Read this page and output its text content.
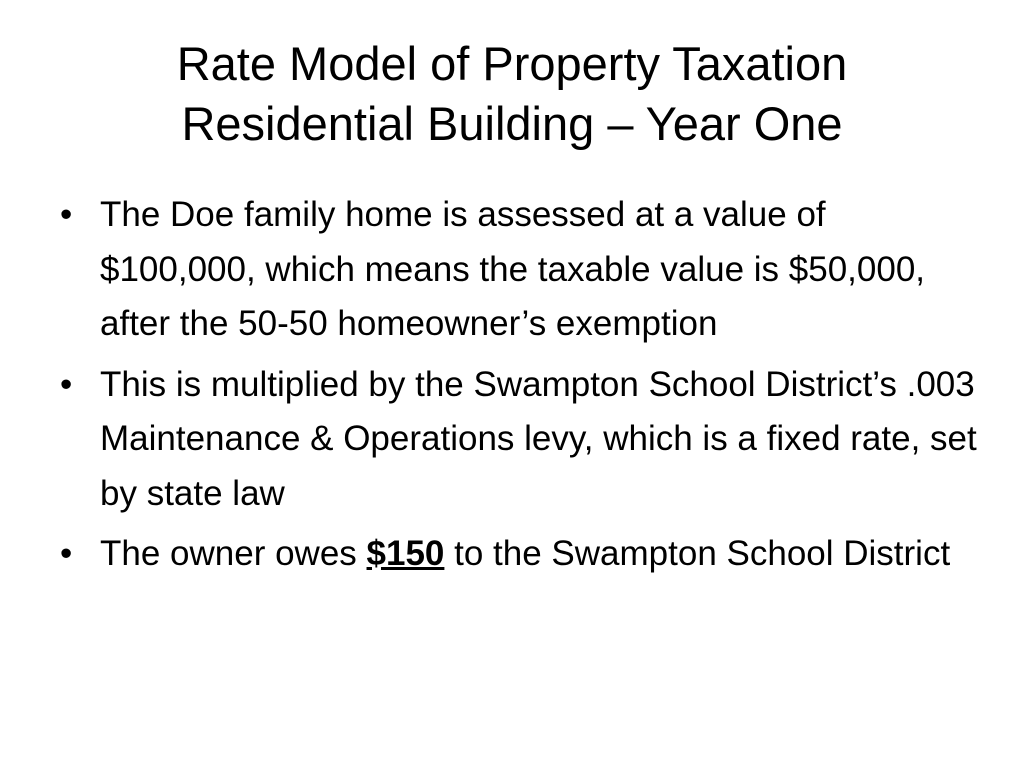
Rate Model of Property Taxation
Residential Building – Year One
• The Doe family home is assessed at a value of $100,000, which means the taxable value is $50,000, after the 50-50 homeowner’s exemption
• This is multiplied by the Swampton School District’s .003 Maintenance & Operations levy, which is a fixed rate, set by state law
• The owner owes $150 to the Swampton School District
